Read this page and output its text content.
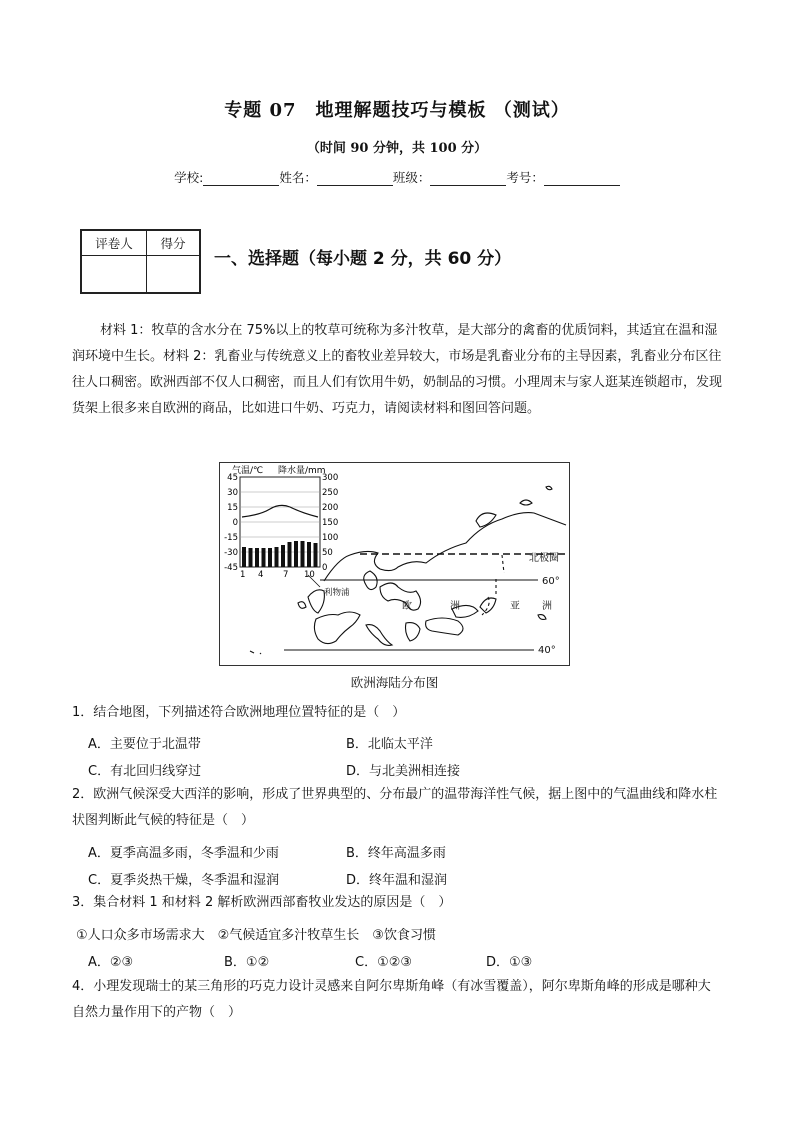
专题 07　地理解题技巧与模板 （测试）
（时间 90 分钟，共 100 分）
学校:	姓名：	班级：	考号：
评卷人	得分

一、选择题（每小题 2 分，共 60 分）
材料 1：牧草的含水分在 75%以上的牧草可统称为多汁牧草，是大部分的禽畜的优质饲料，其适宜在温和湿润环境中生长。材料 2：乳畜业与传统意义上的畜牧业差异较大，市场是乳畜业分布的主导因素，乳畜业分布区往往人口稠密。欧洲西部不仅人口稠密，而且人们有饮用牛奶，奶制品的习惯。小理周末与家人逛某连锁超市，发现货架上很多来自欧洲的商品，比如进口牛奶、巧克力，请阅读材料和图回答问题。
气温/℃ 降水量/mm
45
30
15
0
-15
-30
-45
300
250
200
150
100
50
0
1 4 7 10
北极圈
60°
40°
利物浦
欧	洲	亚 洲
欧洲海陆分布图
1．结合地图，下列描述符合欧洲地理位置特征的是（　）
A．主要位于北温带	B．北临太平洋
C．有北回归线穿过	D．与北美洲相连接
2．欧洲气候深受大西洋的影响，形成了世界典型的、分布最广的温带海洋性气候，据上图中的气温曲线和降水柱状图判断此气候的特征是（　）
A．夏季高温多雨，冬季温和少雨	B．终年高温多雨
C．夏季炎热干燥，冬季温和湿润	D．终年温和湿润
3．集合材料 1 和材料 2 解析欧洲西部畜牧业发达的原因是（　）
①人口众多市场需求大　②气候适宜多汁牧草生长　③饮食习惯
A．②③	B．①②	C．①②③	D．①③
4．小理发现瑞士的某三角形的巧克力设计灵感来自阿尔卑斯角峰（有冰雪覆盖），阿尔卑斯角峰的形成是哪种大自然力量作用下的产物（　）
